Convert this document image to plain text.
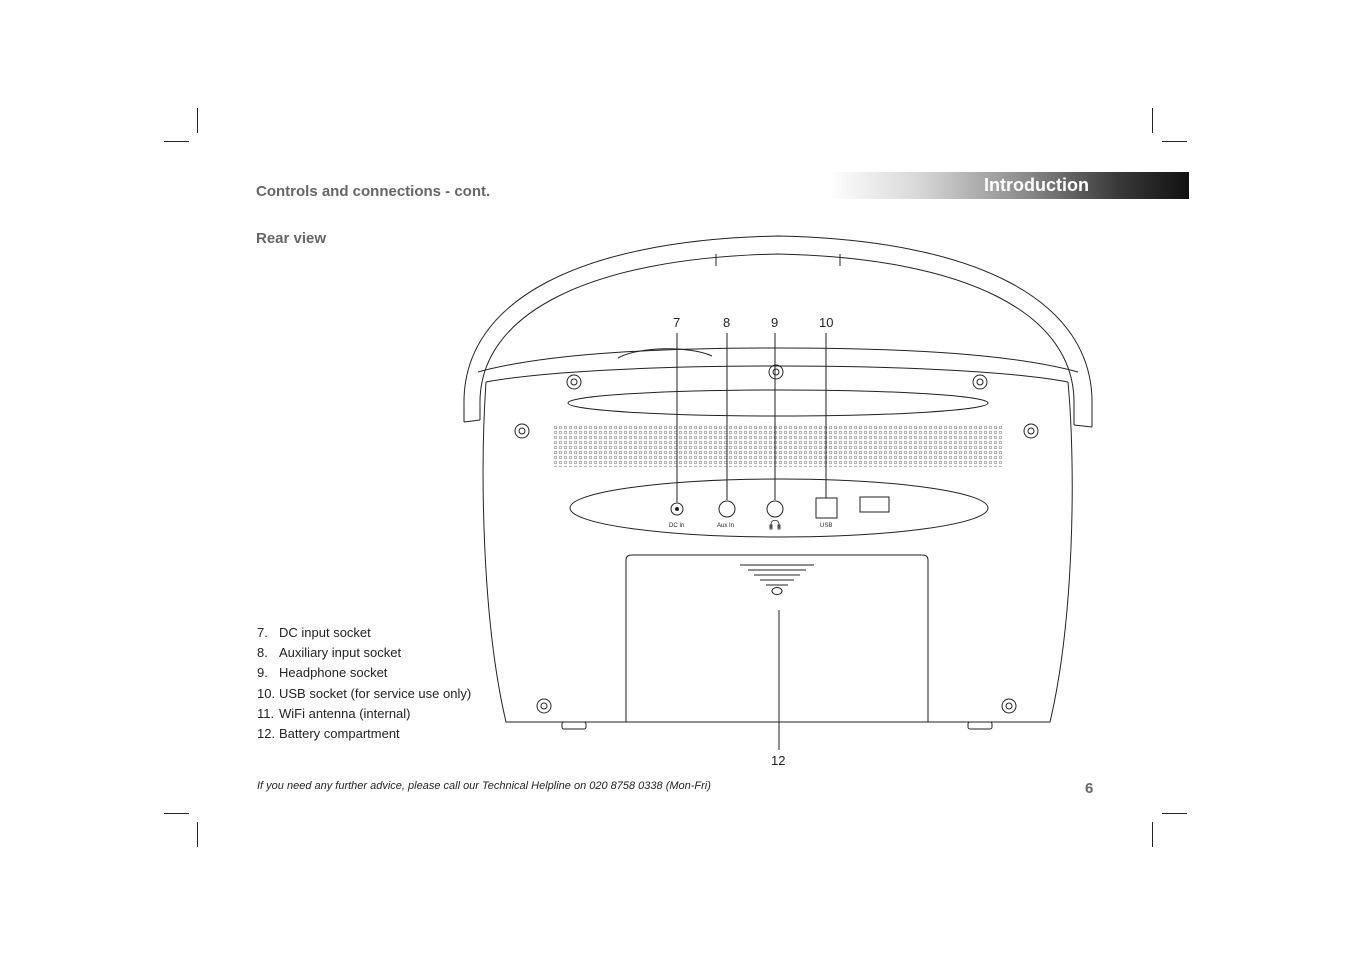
Controls and connections - cont.	Introduction
Rear view
DC In	Aux In	USB
7	8	9	10
12
7. DC input socket
8. Auxiliary input socket
9. Headphone socket
10. USB socket (for service use only)
11. WiFi antenna (internal)
12. Battery compartment
If you need any further advice, please call our Technical Helpline on 020 8758 0338 (Mon-Fri)	6
